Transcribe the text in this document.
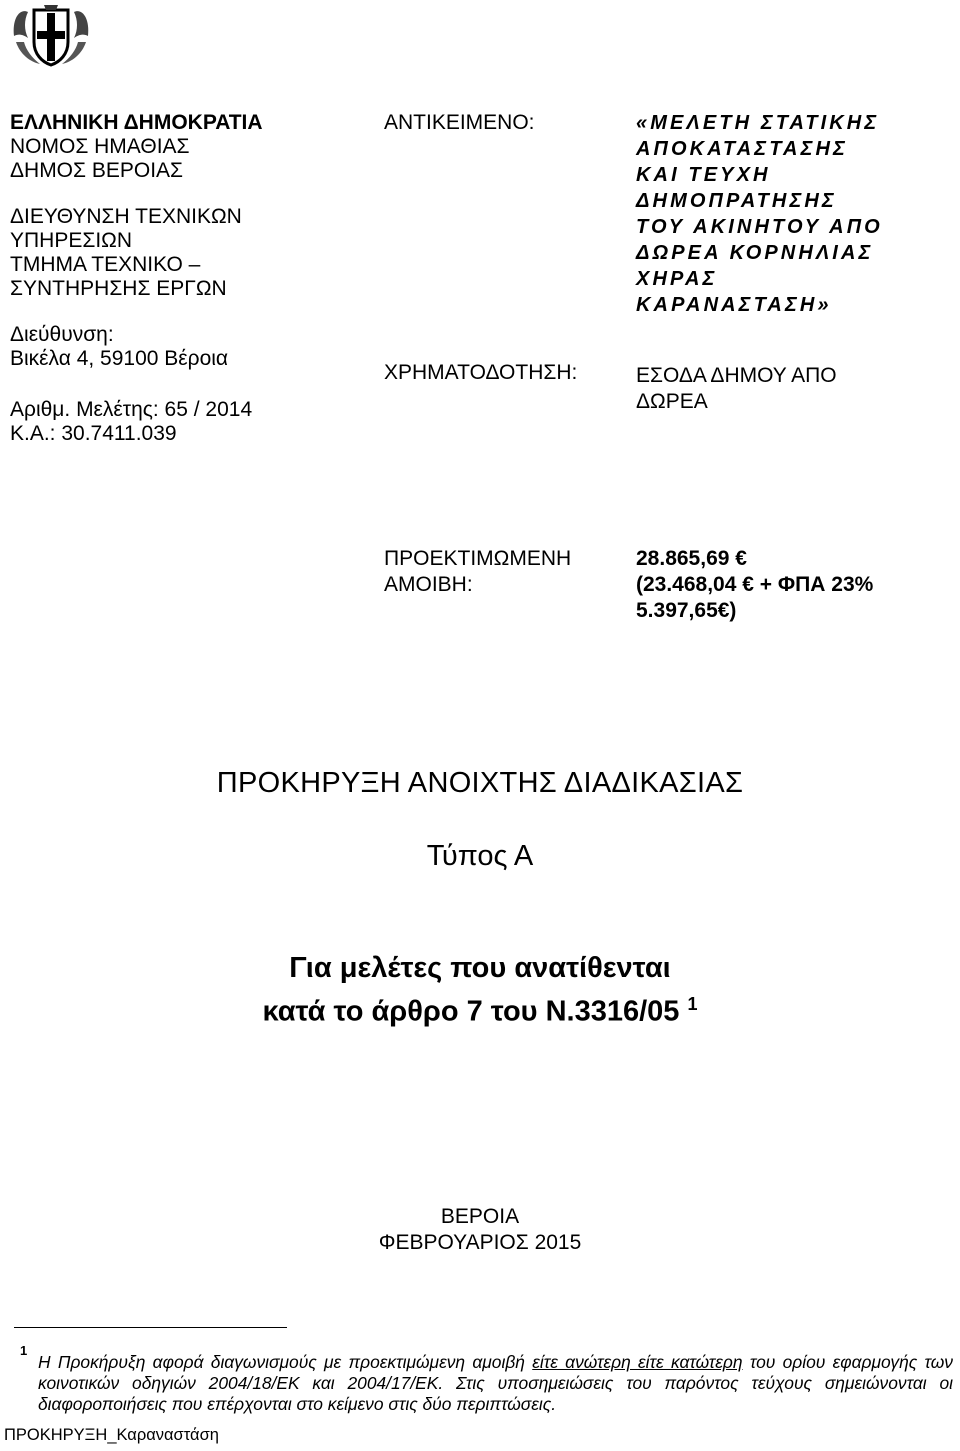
ΕΛΛΗΝΙΚΗ ΔΗΜΟΚΡΑΤΙΑ
ΝΟΜΟΣ ΗΜΑΘΙΑΣ
ΔΗΜΟΣ ΒΕΡΟΙΑΣ
ΔΙΕΥΘΥΝΣΗ ΤΕΧΝΙΚΩΝ
ΥΠΗΡΕΣΙΩΝ
ΤΜΗΜΑ ΤΕΧΝΙΚΟ –
ΣΥΝΤΗΡΗΣΗΣ ΕΡΓΩΝ
Διεύθυνση:
Βικέλα 4, 59100 Βέροια
Αριθμ. Μελέτης: 65 / 2014
Κ.Α.: 30.7411.039
ΑΝΤΙΚΕΙΜΕΝΟ:	«ΜΕΛΕΤΗ ΣΤΑΤΙΚΗΣ
ΑΠΟΚΑΤΑΣΤΑΣΗΣ
ΚΑΙ ΤΕΥΧΗ
ΔΗΜΟΠΡΑΤΗΣΗΣ
ΤΟΥ ΑΚΙΝΗΤΟΥ ΑΠΟ
ΔΩΡΕΑ ΚΟΡΝΗΛΙΑΣ
ΧΗΡΑΣ
ΚΑΡΑΝΑΣΤΑΣΗ»
ΧΡΗΜΑΤΟΔΟΤΗΣΗ:	ΕΣΟΔΑ ΔΗΜΟΥ ΑΠΟ
ΔΩΡΕΑ
ΠΡΟΕΚΤΙΜΩΜΕΝΗ
ΑΜΟΙΒΗ:
28.865,69 €
(23.468,04 € + ΦΠΑ 23%
5.397,65€)
ΠΡΟΚΗΡΥΞΗ ΑΝΟΙΧΤΗΣ ΔΙΑΔΙΚΑΣΙΑΣ
Τύπος Α
Για μελέτες που ανατίθενται
κατά το άρθρο 7 του Ν.3316/05 $^1$
ΒΕΡΟΙΑ
ΦΕΒΡΟΥΑΡΙΟΣ 2015
1
Η Προκήρυξη αφορά διαγωνισμούς με προεκτιμώμενη αμοιβή είτε ανώτερη είτε κατώτερη του ορίου εφαρμογής των κοινοτικών οδηγιών 2004/18/ΕΚ και 2004/17/ΕΚ. Στις υποσημειώσεις του παρόντος τεύχους σημειώνονται οι διαφοροποιήσεις που επέρχονται στο κείμενο στις δύο περιπτώσεις.
ΠΡΟΚΗΡΥΞΗ_Καραναστάση
